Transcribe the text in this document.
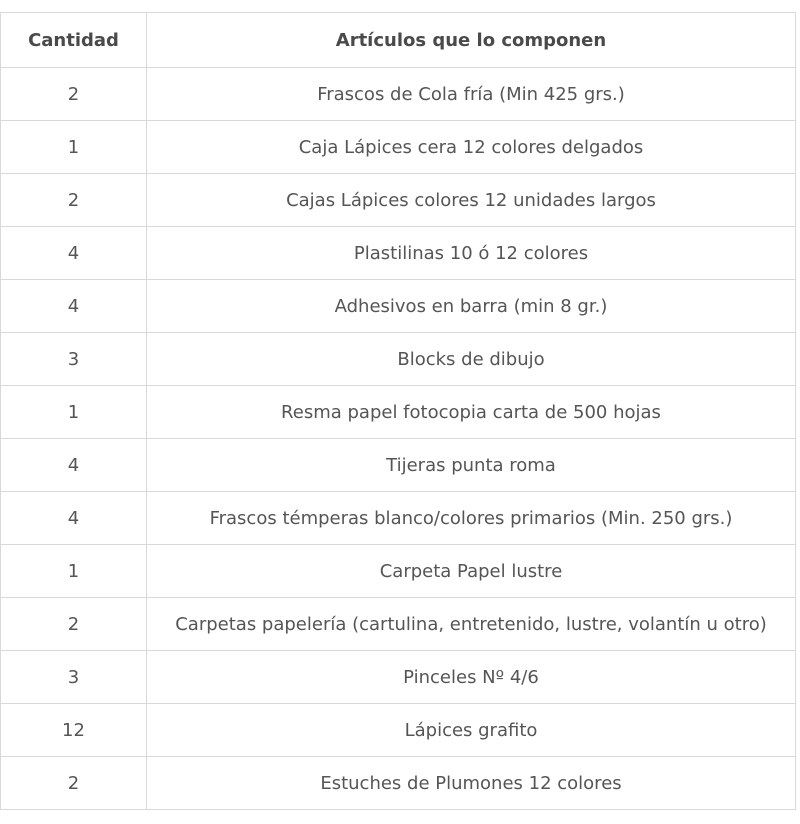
Cantidad	Artículos que lo componen
2	Frascos de Cola fría (Min 425 grs.)
1	Caja Lápices cera 12 colores delgados
2	Cajas Lápices colores 12 unidades largos
4	Plastilinas 10 ó 12 colores
4	Adhesivos en barra (min 8 gr.)
3	Blocks de dibujo
1	Resma papel fotocopia carta de 500 hojas
4	Tijeras punta roma
4	Frascos témperas blanco/colores primarios (Min. 250 grs.)
1	Carpeta Papel lustre
2	Carpetas papelería (cartulina, entretenido, lustre, volantín u otro)
3	Pinceles Nº 4/6
12	Lápices grafito
2	Estuches de Plumones 12 colores
